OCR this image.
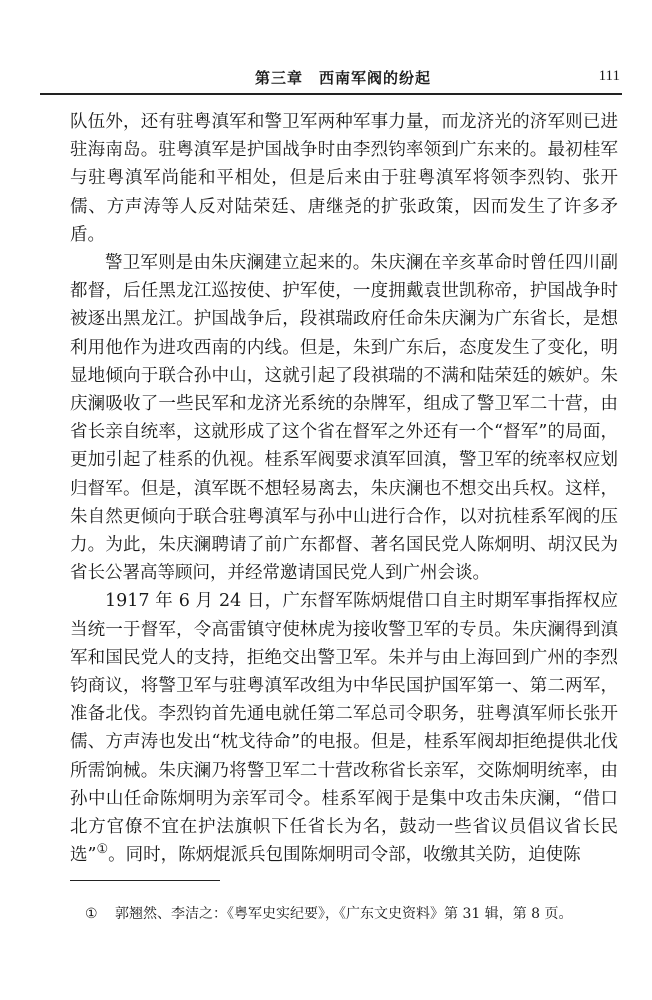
第三章　西南军阀的纷起	111

队伍外，还有驻粤滇军和警卫军两种军事力量，而龙济光的济军则已进驻海南岛。驻粤滇军是护国战争时由李烈钧率领到广东来的。最初桂军与驻粤滇军尚能和平相处，但是后来由于驻粤滇军将领李烈钧、张开儒、方声涛等人反对陆荣廷、唐继尧的扩张政策，因而发生了许多矛盾。

警卫军则是由朱庆澜建立起来的。朱庆澜在辛亥革命时曾任四川副都督，后任黑龙江巡按使、护军使，一度拥戴袁世凯称帝，护国战争时被逐出黑龙江。护国战争后，段祺瑞政府任命朱庆澜为广东省长，是想利用他作为进攻西南的内线。但是，朱到广东后，态度发生了变化，明显地倾向于联合孙中山，这就引起了段祺瑞的不满和陆荣廷的嫉妒。朱庆澜吸收了一些民军和龙济光系统的杂牌军，组成了警卫军二十营，由省长亲自统率，这就形成了这个省在督军之外还有一个“督军”的局面，更加引起了桂系的仇视。桂系军阀要求滇军回滇，警卫军的统率权应划归督军。但是，滇军既不想轻易离去，朱庆澜也不想交出兵权。这样，朱自然更倾向于联合驻粤滇军与孙中山进行合作，以对抗桂系军阀的压力。为此，朱庆澜聘请了前广东都督、著名国民党人陈炯明、胡汉民为省长公署高等顾问，并经常邀请国民党人到广州会谈。

1917 年 6 月 24 日，广东督军陈炳焜借口自主时期军事指挥权应当统一于督军，令高雷镇守使林虎为接收警卫军的专员。朱庆澜得到滇军和国民党人的支持，拒绝交出警卫军。朱并与由上海回到广州的李烈钧商议，将警卫军与驻粤滇军改组为中华民国护国军第一、第二两军，准备北伐。李烈钧首先通电就任第二军总司令职务，驻粤滇军师长张开儒、方声涛也发出“枕戈待命”的电报。但是，桂系军阀却拒绝提供北伐所需饷械。朱庆澜乃将警卫军二十营改称省长亲军，交陈炯明统率，由孙中山任命陈炯明为亲军司令。桂系军阀于是集中攻击朱庆澜，“借口北方官僚不宜在护法旗帜下任省长为名，鼓动一些省议员倡议省长民选”①。同时，陈炳焜派兵包围陈炯明司令部，收缴其关防，迫使陈

① 郭翘然、李洁之：《粤军史实纪要》，《广东文史资料》第 31 辑，第 8 页。
